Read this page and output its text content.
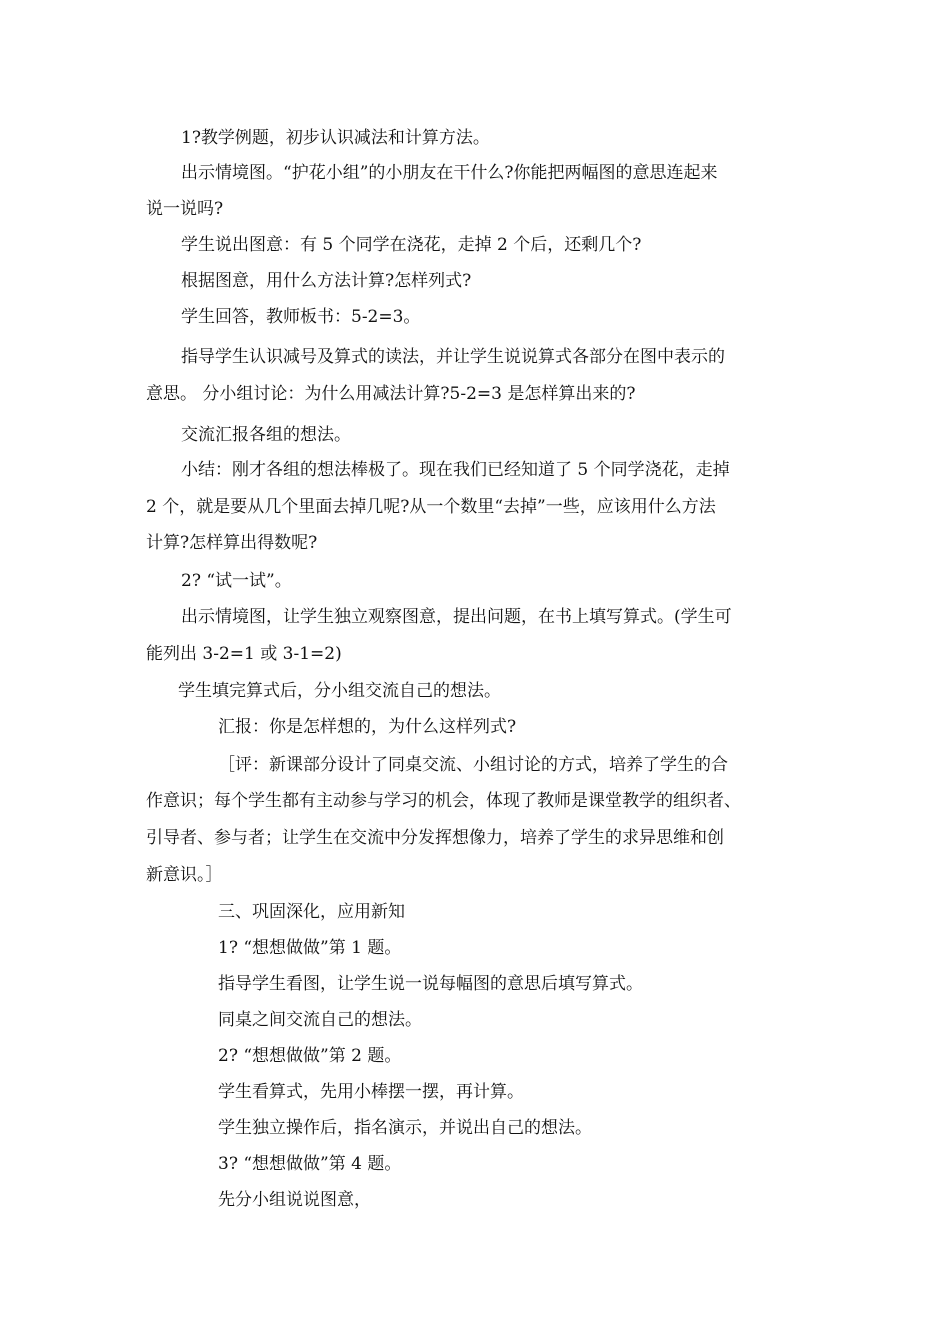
1?教学例题，初步认识减法和计算方法。
出示情境图。“护花小组”的小朋友在干什么?你能把两幅图的意思连起来
说一说吗?
学生说出图意：有 5 个同学在浇花，走掉 2 个后，还剩几个?
根据图意，用什么方法计算?怎样列式?
学生回答，教师板书：5-2=3。
指导学生认识减号及算式的读法，并让学生说说算式各部分在图中表示的
意思。 分小组讨论：为什么用减法计算?5-2=3 是怎样算出来的?
交流汇报各组的想法。
小结：刚才各组的想法棒极了。现在我们已经知道了 5 个同学浇花，走掉
2 个，就是要从几个里面去掉几呢?从一个数里“去掉”一些，应该用什么方法
计算?怎样算出得数呢?
2? “试一试”。
出示情境图，让学生独立观察图意，提出问题，在书上填写算式。(学生可
能列出 3-2=1 或 3-1=2)
学生填完算式后，分小组交流自己的想法。
汇报：你是怎样想的，为什么这样列式?
［评：新课部分设计了同桌交流、小组讨论的方式，培养了学生的合
作意识；每个学生都有主动参与学习的机会，体现了教师是课堂教学的组织者、
引导者、参与者；让学生在交流中分发挥想像力，培养了学生的求异思维和创
新意识。］
三、巩固深化，应用新知
1? “想想做做”第 1 题。
指导学生看图，让学生说一说每幅图的意思后填写算式。
同桌之间交流自己的想法。
2? “想想做做”第 2 题。
学生看算式，先用小棒摆一摆，再计算。
学生独立操作后，指名演示，并说出自己的想法。
3? “想想做做”第 4 题。
先分小组说说图意，
